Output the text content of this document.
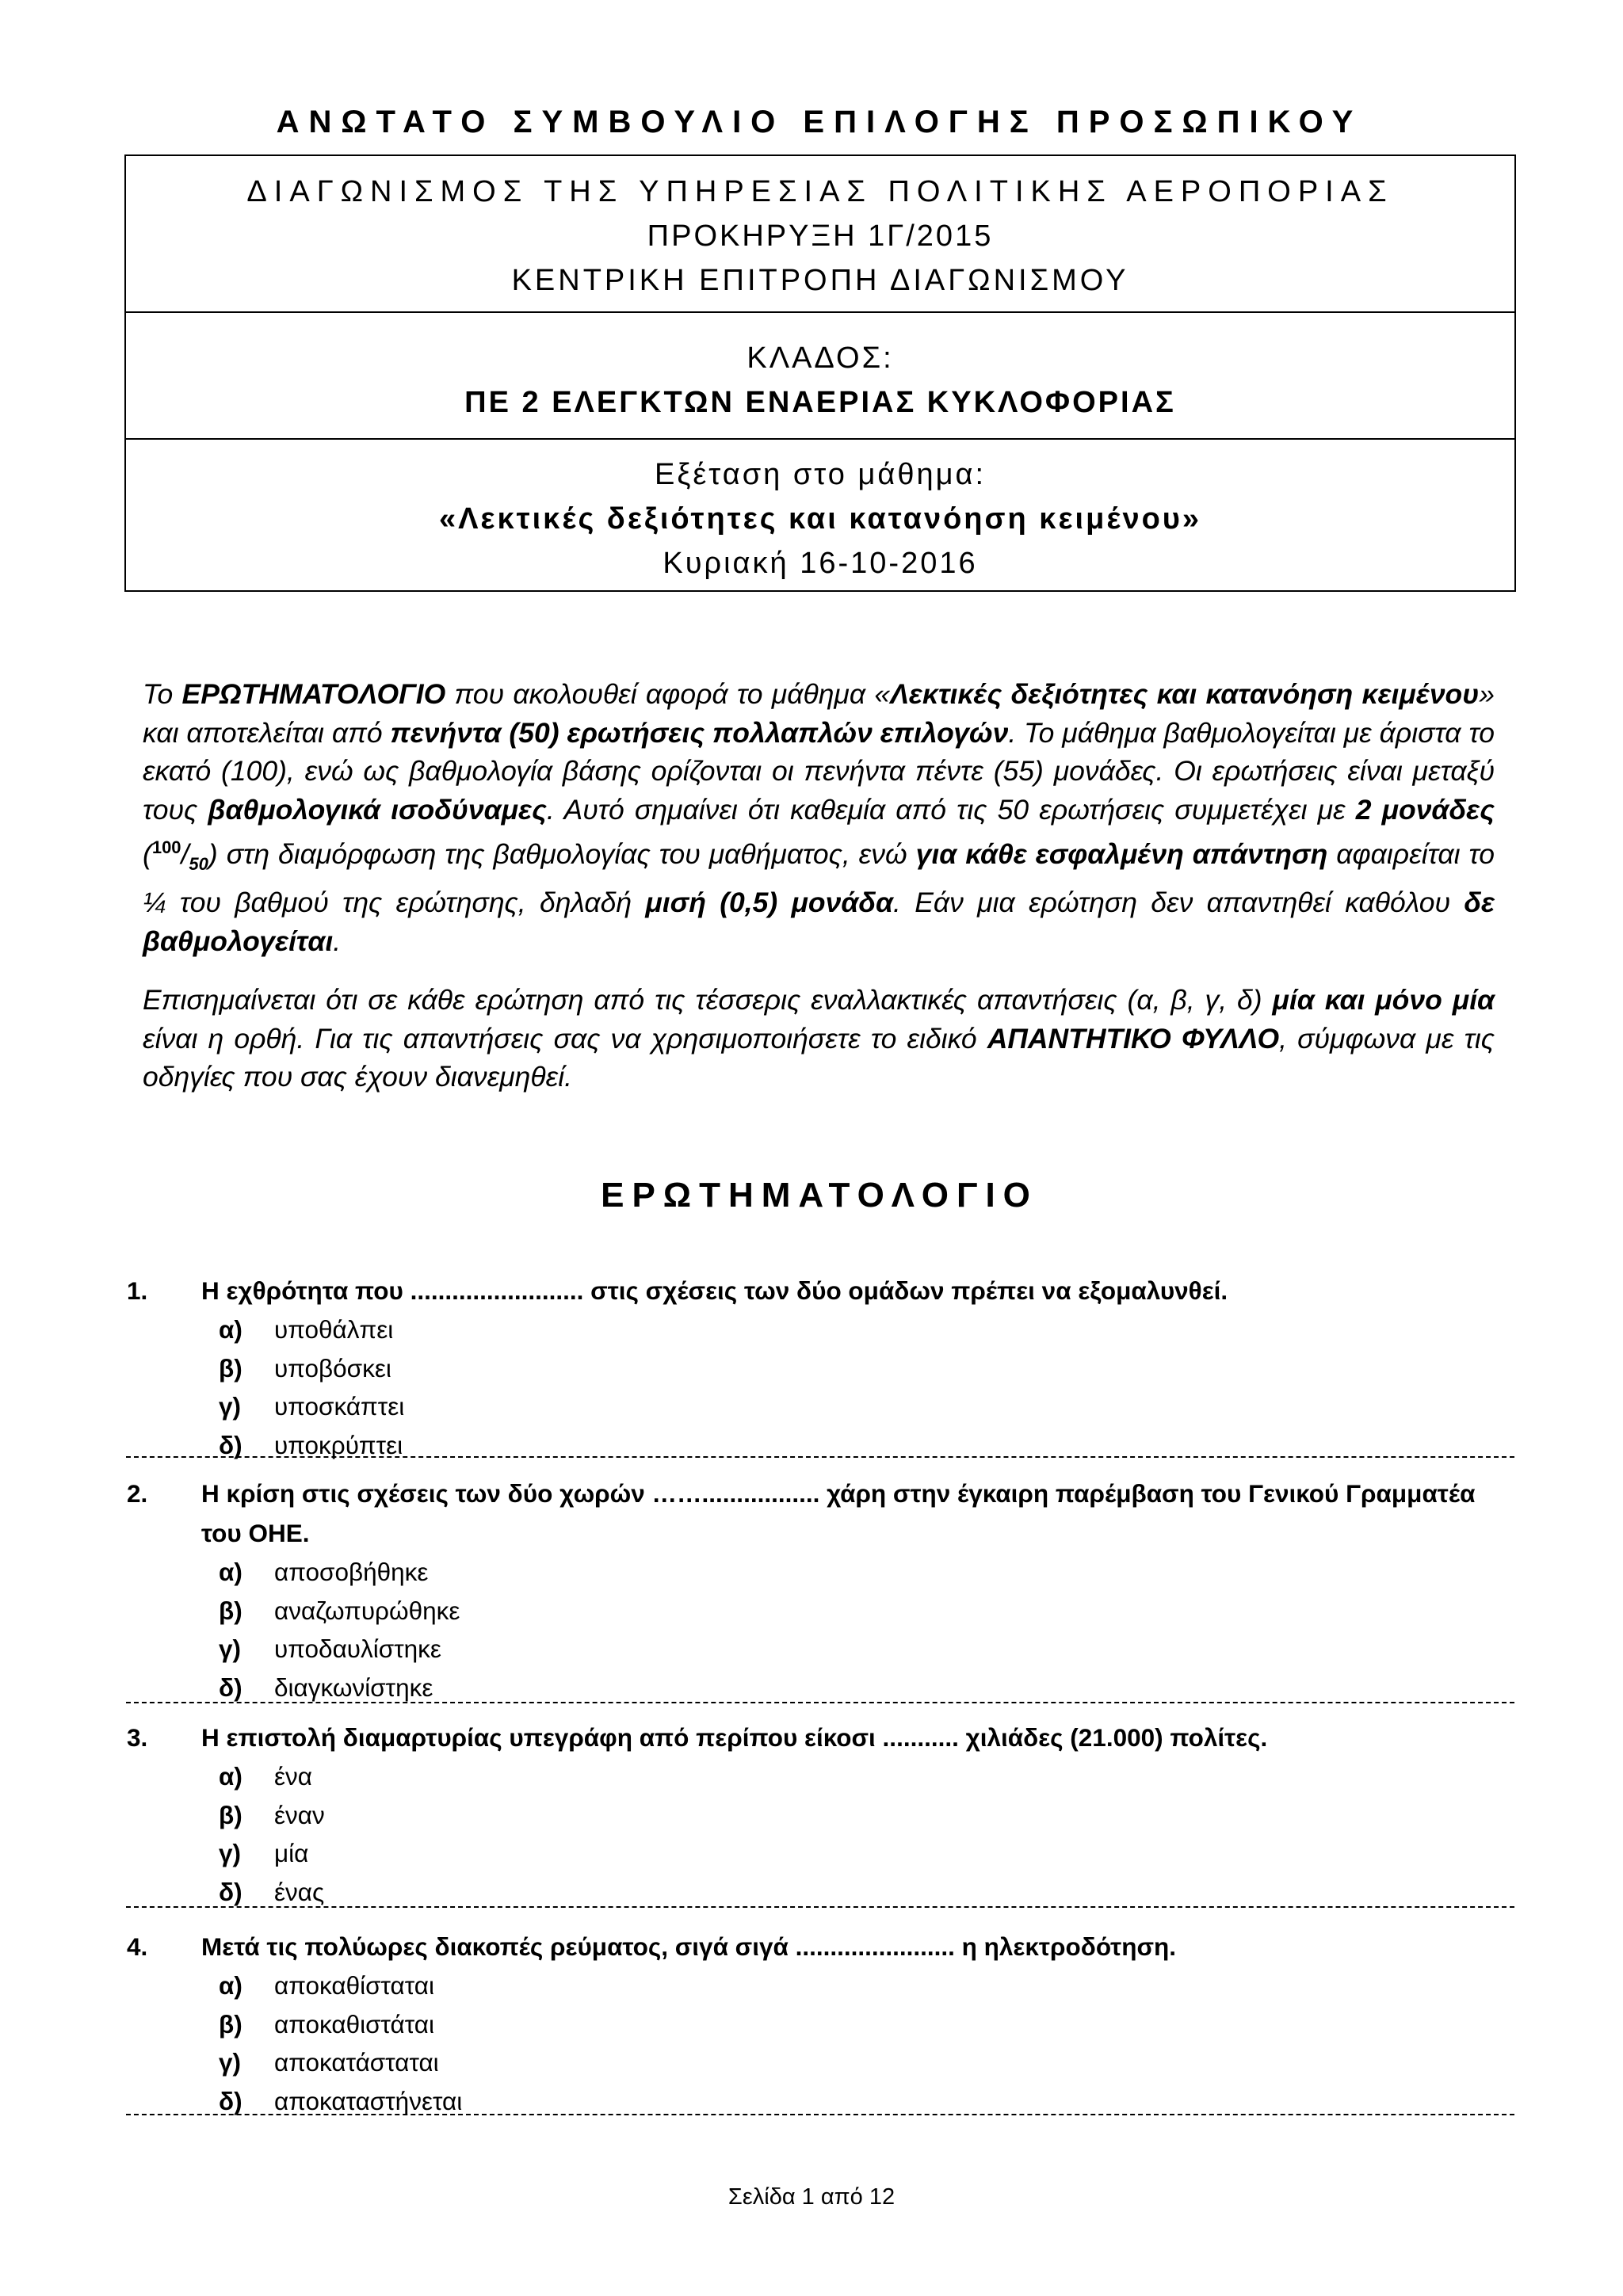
ΑΝΩΤΑΤΟ ΣΥΜΒΟΥΛΙΟ ΕΠΙΛΟΓΗΣ ΠΡΟΣΩΠΙΚΟΥ
ΔΙΑΓΩΝΙΣΜΟΣ ΤΗΣ ΥΠΗΡΕΣΙΑΣ ΠΟΛΙΤΙΚΗΣ ΑΕΡΟΠΟΡΙΑΣ
ΠΡΟΚΗΡΥΞΗ 1Γ/2015
ΚΕΝΤΡΙΚΗ ΕΠΙΤΡΟΠΗ ΔΙΑΓΩΝΙΣΜΟΥ
ΚΛΑΔΟΣ:
ΠΕ 2 ΕΛΕΓΚΤΩΝ ΕΝΑΕΡΙΑΣ ΚΥΚΛΟΦΟΡΙΑΣ
Εξέταση στο μάθημα:
«Λεκτικές δεξιότητες και κατανόηση κειμένου»
Κυριακή 16-10-2016

Το ΕΡΩΤΗΜΑΤΟΛΟΓΙΟ που ακολουθεί αφορά το μάθημα «Λεκτικές δεξιότητες και κατανόηση κειμένου» και αποτελείται από πενήντα (50) ερωτήσεις πολλαπλών επιλογών. Το μάθημα βαθμολογείται με άριστα το εκατό (100), ενώ ως βαθμολογία βάσης ορίζονται οι πενήντα πέντε (55) μονάδες. Οι ερωτήσεις είναι μεταξύ τους βαθμολογικά ισοδύναμες. Αυτό σημαίνει ότι καθεμία από τις 50 ερωτήσεις συμμετέχει με 2 μονάδες $(^{100}/_{50})$ στη διαμόρφωση της βαθμολογίας του μαθήματος, ενώ για κάθε εσφαλμένη απάντηση αφαιρείται το ¼ του βαθμού της ερώτησης, δηλαδή μισή (0,5) μονάδα. Εάν μια ερώτηση δεν απαντηθεί καθόλου δε βαθμολογείται.

Επισημαίνεται ότι σε κάθε ερώτηση από τις τέσσερις εναλλακτικές απαντήσεις (α, β, γ, δ) μία και μόνο μία είναι η ορθή. Για τις απαντήσεις σας να χρησιμοποιήσετε το ειδικό ΑΠΑΝΤΗΤΙΚΟ ΦΥΛΛΟ, σύμφωνα με τις οδηγίες που σας έχουν διανεμηθεί.

ΕΡΩΤΗΜΑΤΟΛΟΓΙΟ
1. Η εχθρότητα που ......................... στις σχέσεις των δύο ομάδων πρέπει να εξομαλυνθεί.
α) υποθάλπει
β) υποβόσκει
γ) υποσκάπτει
δ) υποκρύπτει
2. Η κρίση στις σχέσεις των δύο χωρών ……................. χάρη στην έγκαιρη παρέμβαση του Γενικού Γραμματέα του ΟΗΕ.
α) αποσοβήθηκε
β) αναζωπυρώθηκε
γ) υποδαυλίστηκε
δ) διαγκωνίστηκε
3. Η επιστολή διαμαρτυρίας υπεγράφη από περίπου είκοσι ........... χιλιάδες (21.000) πολίτες.
α) ένα
β) έναν
γ) μία
δ) ένας
4. Μετά τις πολύωρες διακοπές ρεύματος, σιγά σιγά ....................... η ηλεκτροδότηση.
α) αποκαθίσταται
β) αποκαθιστάται
γ) αποκατάσταται
δ) αποκαταστήνεται
Σελίδα 1 από 12
